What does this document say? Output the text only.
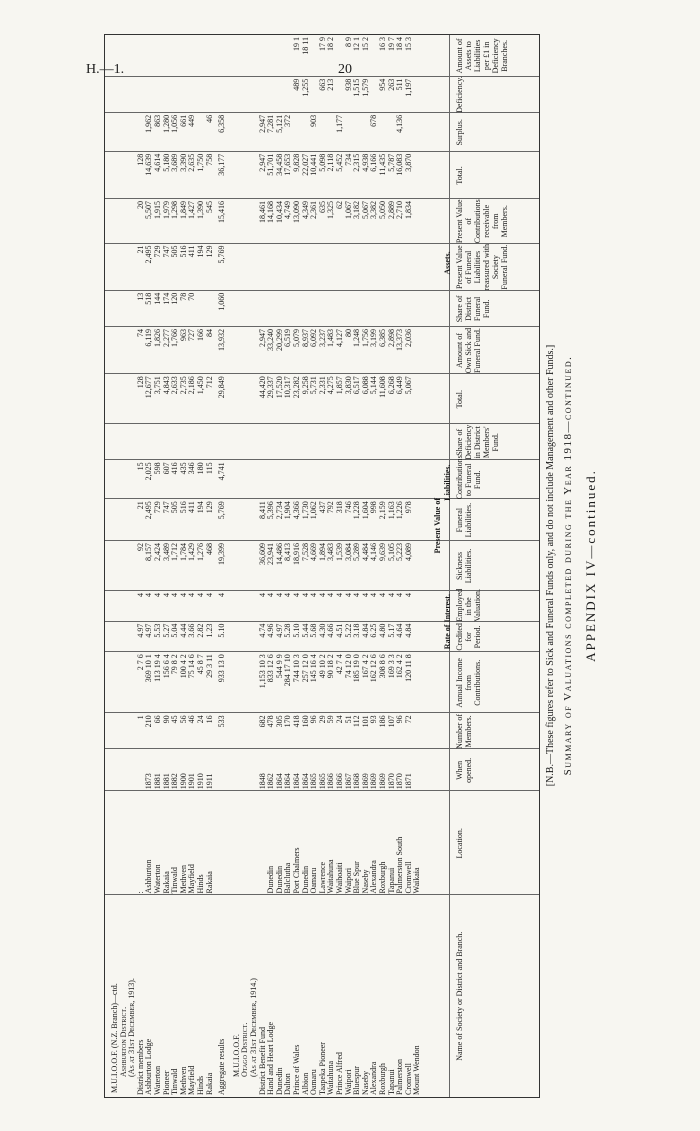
H.—1.	20
APPENDIX IV—continued.
Summary of Valuations completed during the Year 1918—continued.
[N.B.—These figures refer to Sick and Funeral Funds only, and do not include Management and other Funds.]
Name of Society or District and Branch.
Location.
When opened.
Number of Members.
Annual Income from Contributions.
Credited for Period.
Employed in the Valuation.
Sickness Liabilities.
Funeral Liabilities.
Contributions to Funeral Fund.
Share of Deficiency in District Members' Fund.
Total.
Amount of Own Sick and Funeral Fund.
Share of District Funeral Fund.
Present Value of Funeral Liabilities reassured with Society Funeral Fund.
Present Value of Contributions receivable from Members.
Total.
Surplus.
Deficiency.
Amount of Assets to Liabilities per £1 in Deficiency Branches.
Rate of Interest.
Liabilities.
Present Value of
Assets.
M.U.I.O.O.F. (N.Z. Branch)—ctd. Ashburton District. (As at 31st December, 1913). District members
:
1
2 7 6
4.97
4
92
21
15
128
74
13
21
20
128
Ashburton Lodge
Ashburton
1873
210
369 10 1
4.97
4
8,157
2,495
2,025
12,677
6,119
518
2,495
5,507
14,639
1,962
Waterton
Waterton
1881
66
113 19 4
5.53
4
2,424
729
598
3,751
1,826
144
729
1,915
4,614
863
Pioneer
Rakaia
1881
90
156 6 4
5.27
4
3,489
747
607
4,843
2,277
174
747
1,979
5,180
1,280
Tinwald
Tinwald
1882
45
79 8 2
5.04
4
1,712
505
416
2,633
1,766
120
505
1,298
3,689
1,056
Methven
Methven
1900
56
100 4 2
4.44
4
1,784
516
435
2,735
963
78
516
1,849
3,390
661
Mayfield
Mayfield
1901
46
75 14 6
3.66
4
1,429
411
346
2,186
727
70
411
1,427
2,635
449
Hinds
Hinds
1910
24
45 8 7
2.82
4
1,276
194
180
1,450
166
194
1,390
1,750
Rakaia
Rakaia
1911
16
29 3 11
1.23
4
468
129
115
712
84
129
545
758
46
Aggregate results
533
933 13 0
5.10
4
19,399
5,769
4,741
29,849
13,932
1,060
5,769
15,416
36,177
6,358
M.U.I.O.O.F. Otago District. (As at 31st December, 1914.) District Benefit Fund
1848
682
1,153 10 3
4.74
4
36,609
8,411
44,420
2,947
18,461
2,947
2,947
Hand and Heart Lodge
Dunedin
1862
478
833 12 6
4.96
4
23,941
5,396
29,337
33,240
14,168
51,701
7,281
Dunedin
Dunedin
1864
305
544 9 9
4.97
4
14,486
2,734
17,520
20,299
10,434
34,458
5,121
Dalton
Balclutha
1864
170
284 17 10
5.28
4
8,413
1,904
10,317
6,519
4,749
17,653
372
Prince of Wales
Port Chalmers
1864
418
744 10 3
5.10
4
18,916
4,366
23,282
5,079
13,090
9,828
489
19 1
Albion
Dunedin
1864
160
257 12 0
5.44
4
7,528
1,730
9,258
8,937
4,349
22,027
1,255
18 11
Oamaru
Oamaru
1865
96
145 16 4
5.68
4
4,669
1,062
5,731
6,092
2,361
10,441
903
Taapeka Pioneer
Lawrence
1865
29
49 10 2
4.30
4
1,894
437
2,331
3,237
635
5,098
663
17 9
Waitahuna
Waitahuna
1866
59
90 18 2
4.66
4
3,483
792
4,275
1,483
1,325
2,118
213
18 2
Prince Alfred
Waihoaiti
1866
24
42 7 4
4.51
4
1,539
318
1,857
4,127
62
5,452
1,177
Waipori
Waipori
1867
51
74 12 0
5.22
4
3,084
746
3,830
80
1,067
734
938
8 9
Bluespur
Blue Spur
1868
112
185 19 0
3.18
4
5,289
1,228
6,517
1,248
3,182
2,315
1,515
12 1
Naseby
Naseby
1869
101
167 4 2
4.84
4
4,484
1,604
6,088
1,756
5,067
4,938
1,579
15 2
Alexandra
Alexandra
1869
93
162 12 6
6.25
4
4,146
998
5,144
3,199
3,382
6,166
678
Roxburgh
Roxburgh
1869
186
308 8 6
4.80
4
9,639
2,159
11,608
6,385
5,050
11,435
954
16 3
Tapanui
Tapanui
1870
107
169 3 3
5.17
4
5,105
1,163
6,268
2,898
2,889
5,787
263
19 7
Palmerston
Palmerston South
1870
96
162 4 2
4.64
4
5,223
1,226
6,449
13,373
2,710
16,083
4,136
511
18 4
Cromwell
Cromwell
1871
72
120 11 8
4.84
4
4,089
978
5,067
2,036
1,834
3,870
1,197
15 3
Mount Wendon
Waikaia
